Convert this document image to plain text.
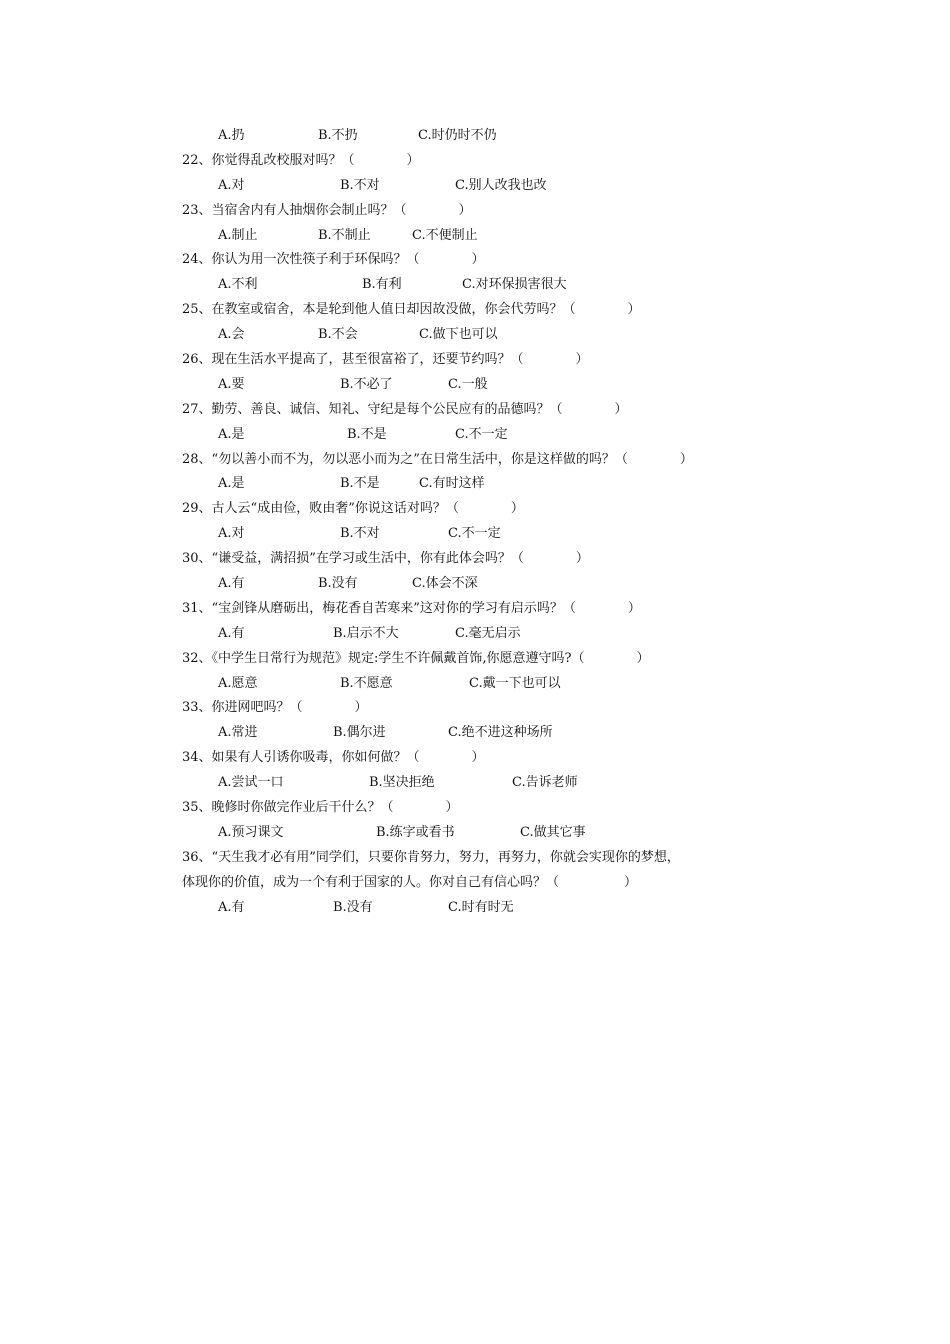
A.扔	B.不扔	C.时仍时不仍
22、你觉得乱改校服对吗？（　　　　）
A.对	B.不对	C.别人改我也改
23、当宿舍内有人抽烟你会制止吗？（　　　　）
A.制止	B.不制止	C.不便制止
24、你认为用一次性筷子利于环保吗？（　　　　）
A.不利	B.有利	C.对环保损害很大
25、在教室或宿舍，本是轮到他人值日却因故没做，你会代劳吗？（　　　　）
A.会	B.不会	C.做下也可以
26、现在生活水平提高了，甚至很富裕了，还要节约吗？（　　　　）
A.要	B.不必了	C.一般
27、勤劳、善良、诚信、知礼、守纪是每个公民应有的品德吗？（　　　　）
A.是	B.不是	C.不一定
28、“勿以善小而不为，勿以恶小而为之”在日常生活中，你是这样做的吗？（　　　　）
A.是	B.不是	C.有时这样
29、古人云“成由俭，败由奢”你说这话对吗？（　　　　）
A.对	B.不对	C.不一定
30、“谦受益，满招损”在学习或生活中，你有此体会吗？（　　　　）
A.有	B.没有	C.体会不深
31、“宝剑锋从磨砺出，梅花香自苦寒来”这对你的学习有启示吗？（　　　　）
A.有	B.启示不大	C.毫无启示
32、《中学生日常行为规范》规定:学生不许佩戴首饰,你愿意遵守吗?（　　　　）
A.愿意	B.不愿意	C.戴一下也可以
33、你进网吧吗？（　　　　）
A.常进	B.偶尔进	C.绝不进这种场所
34、如果有人引诱你吸毒，你如何做？（　　　　）
A.尝试一口	B.坚决拒绝	C.告诉老师
35、晚修时你做完作业后干什么？（　　　　）
A.预习课文	B.练字或看书	C.做其它事
36、“天生我才必有用”同学们，只要你肯努力，努力，再努力，你就会实现你的梦想，
体现你的价值，成为一个有利于国家的人。你对自己有信心吗？（　　　　　）
A.有	B.没有	C.时有时无
